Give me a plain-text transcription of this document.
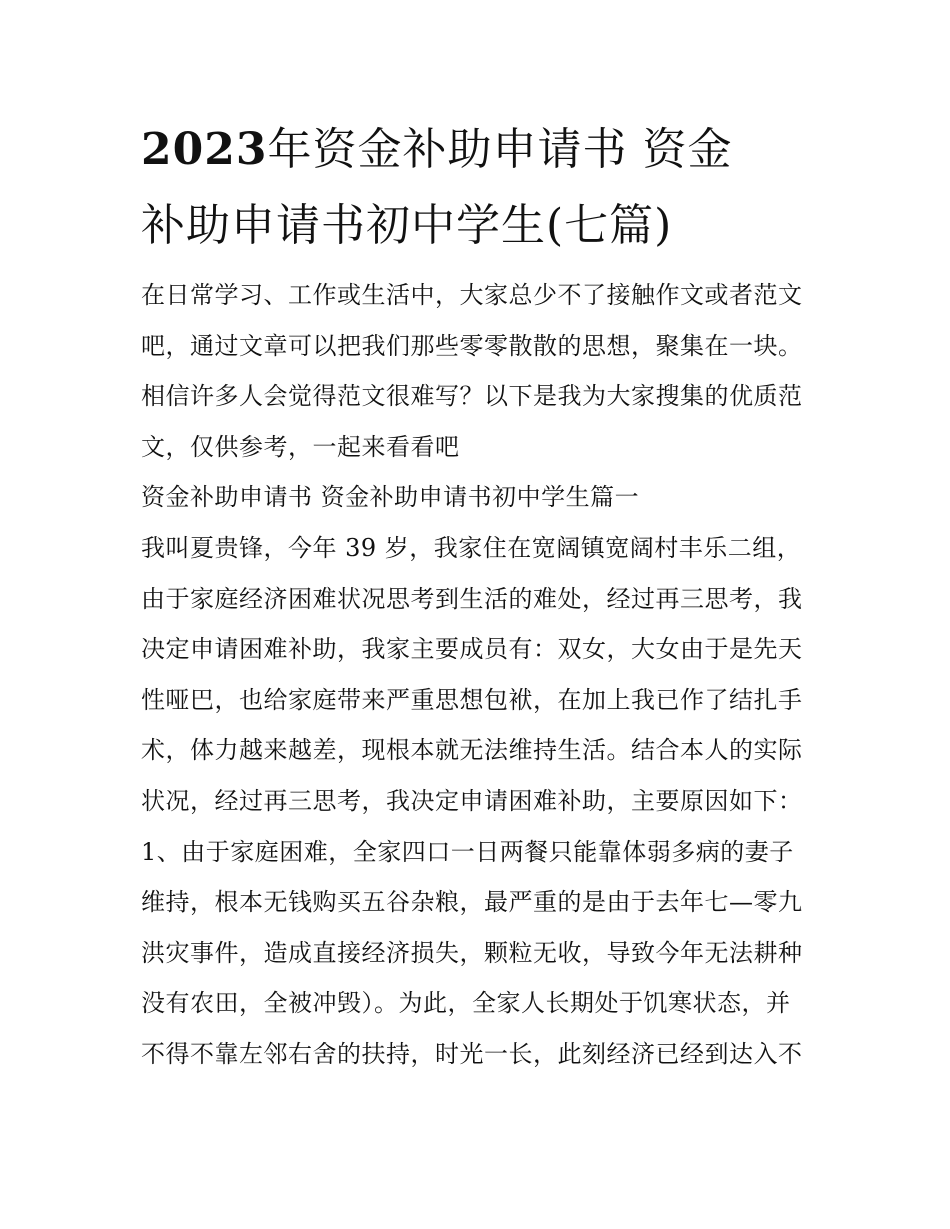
2023年资金补助申请书 资金
补助申请书初中学生(七篇)
在日常学习、工作或生活中，大家总少不了接触作文或者范文
吧，通过文章可以把我们那些零零散散的思想，聚集在一块。
相信许多人会觉得范文很难写？以下是我为大家搜集的优质范
文，仅供参考，一起来看看吧
资金补助申请书 资金补助申请书初中学生篇一
我叫夏贵锋，今年 39 岁，我家住在宽阔镇宽阔村丰乐二组，
由于家庭经济困难状况思考到生活的难处，经过再三思考，我
决定申请困难补助，我家主要成员有：双女，大女由于是先天
性哑巴，也给家庭带来严重思想包袱，在加上我已作了结扎手
术，体力越来越差，现根本就无法维持生活。结合本人的实际
状况，经过再三思考，我决定申请困难补助，主要原因如下：
1、由于家庭困难，全家四口一日两餐只能靠体弱多病的妻子
维持，根本无钱购买五谷杂粮，最严重的是由于去年七—零九
洪灾事件，造成直接经济损失，颗粒无收，导致今年无法耕种
没有农田，全被冲毁）。为此，全家人长期处于饥寒状态，并
不得不靠左邻右舍的扶持，时光一长，此刻经济已经到达入不
